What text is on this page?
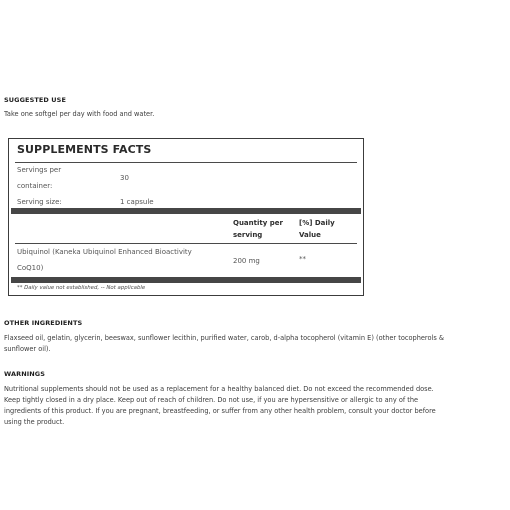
SUGGESTED USE
Take one softgel per day with food and water.
SUPPLEMENTS FACTS
Servings per
container:
30
Serving size:	1 capsule
Quantity per
serving
[%] Daily
Value
Ubiquinol (Kaneka Ubiquinol Enhanced Bioactivity
CoQ10)
200 mg	**
** Daily value not established, -- Not applicable
OTHER INGREDIENTS
Flaxseed oil, gelatin, glycerin, beeswax, sunflower lecithin, purified water, carob, d-alpha tocopherol (vitamin E) (other tocopherols &
sunflower oil).
WARNINGS
Nutritional supplements should not be used as a replacement for a healthy balanced diet. Do not exceed the recommended dose.
Keep tightly closed in a dry place. Keep out of reach of children. Do not use, if you are hypersensitive or allergic to any of the
ingredients of this product. If you are pregnant, breastfeeding, or suffer from any other health problem, consult your doctor before
using the product.
